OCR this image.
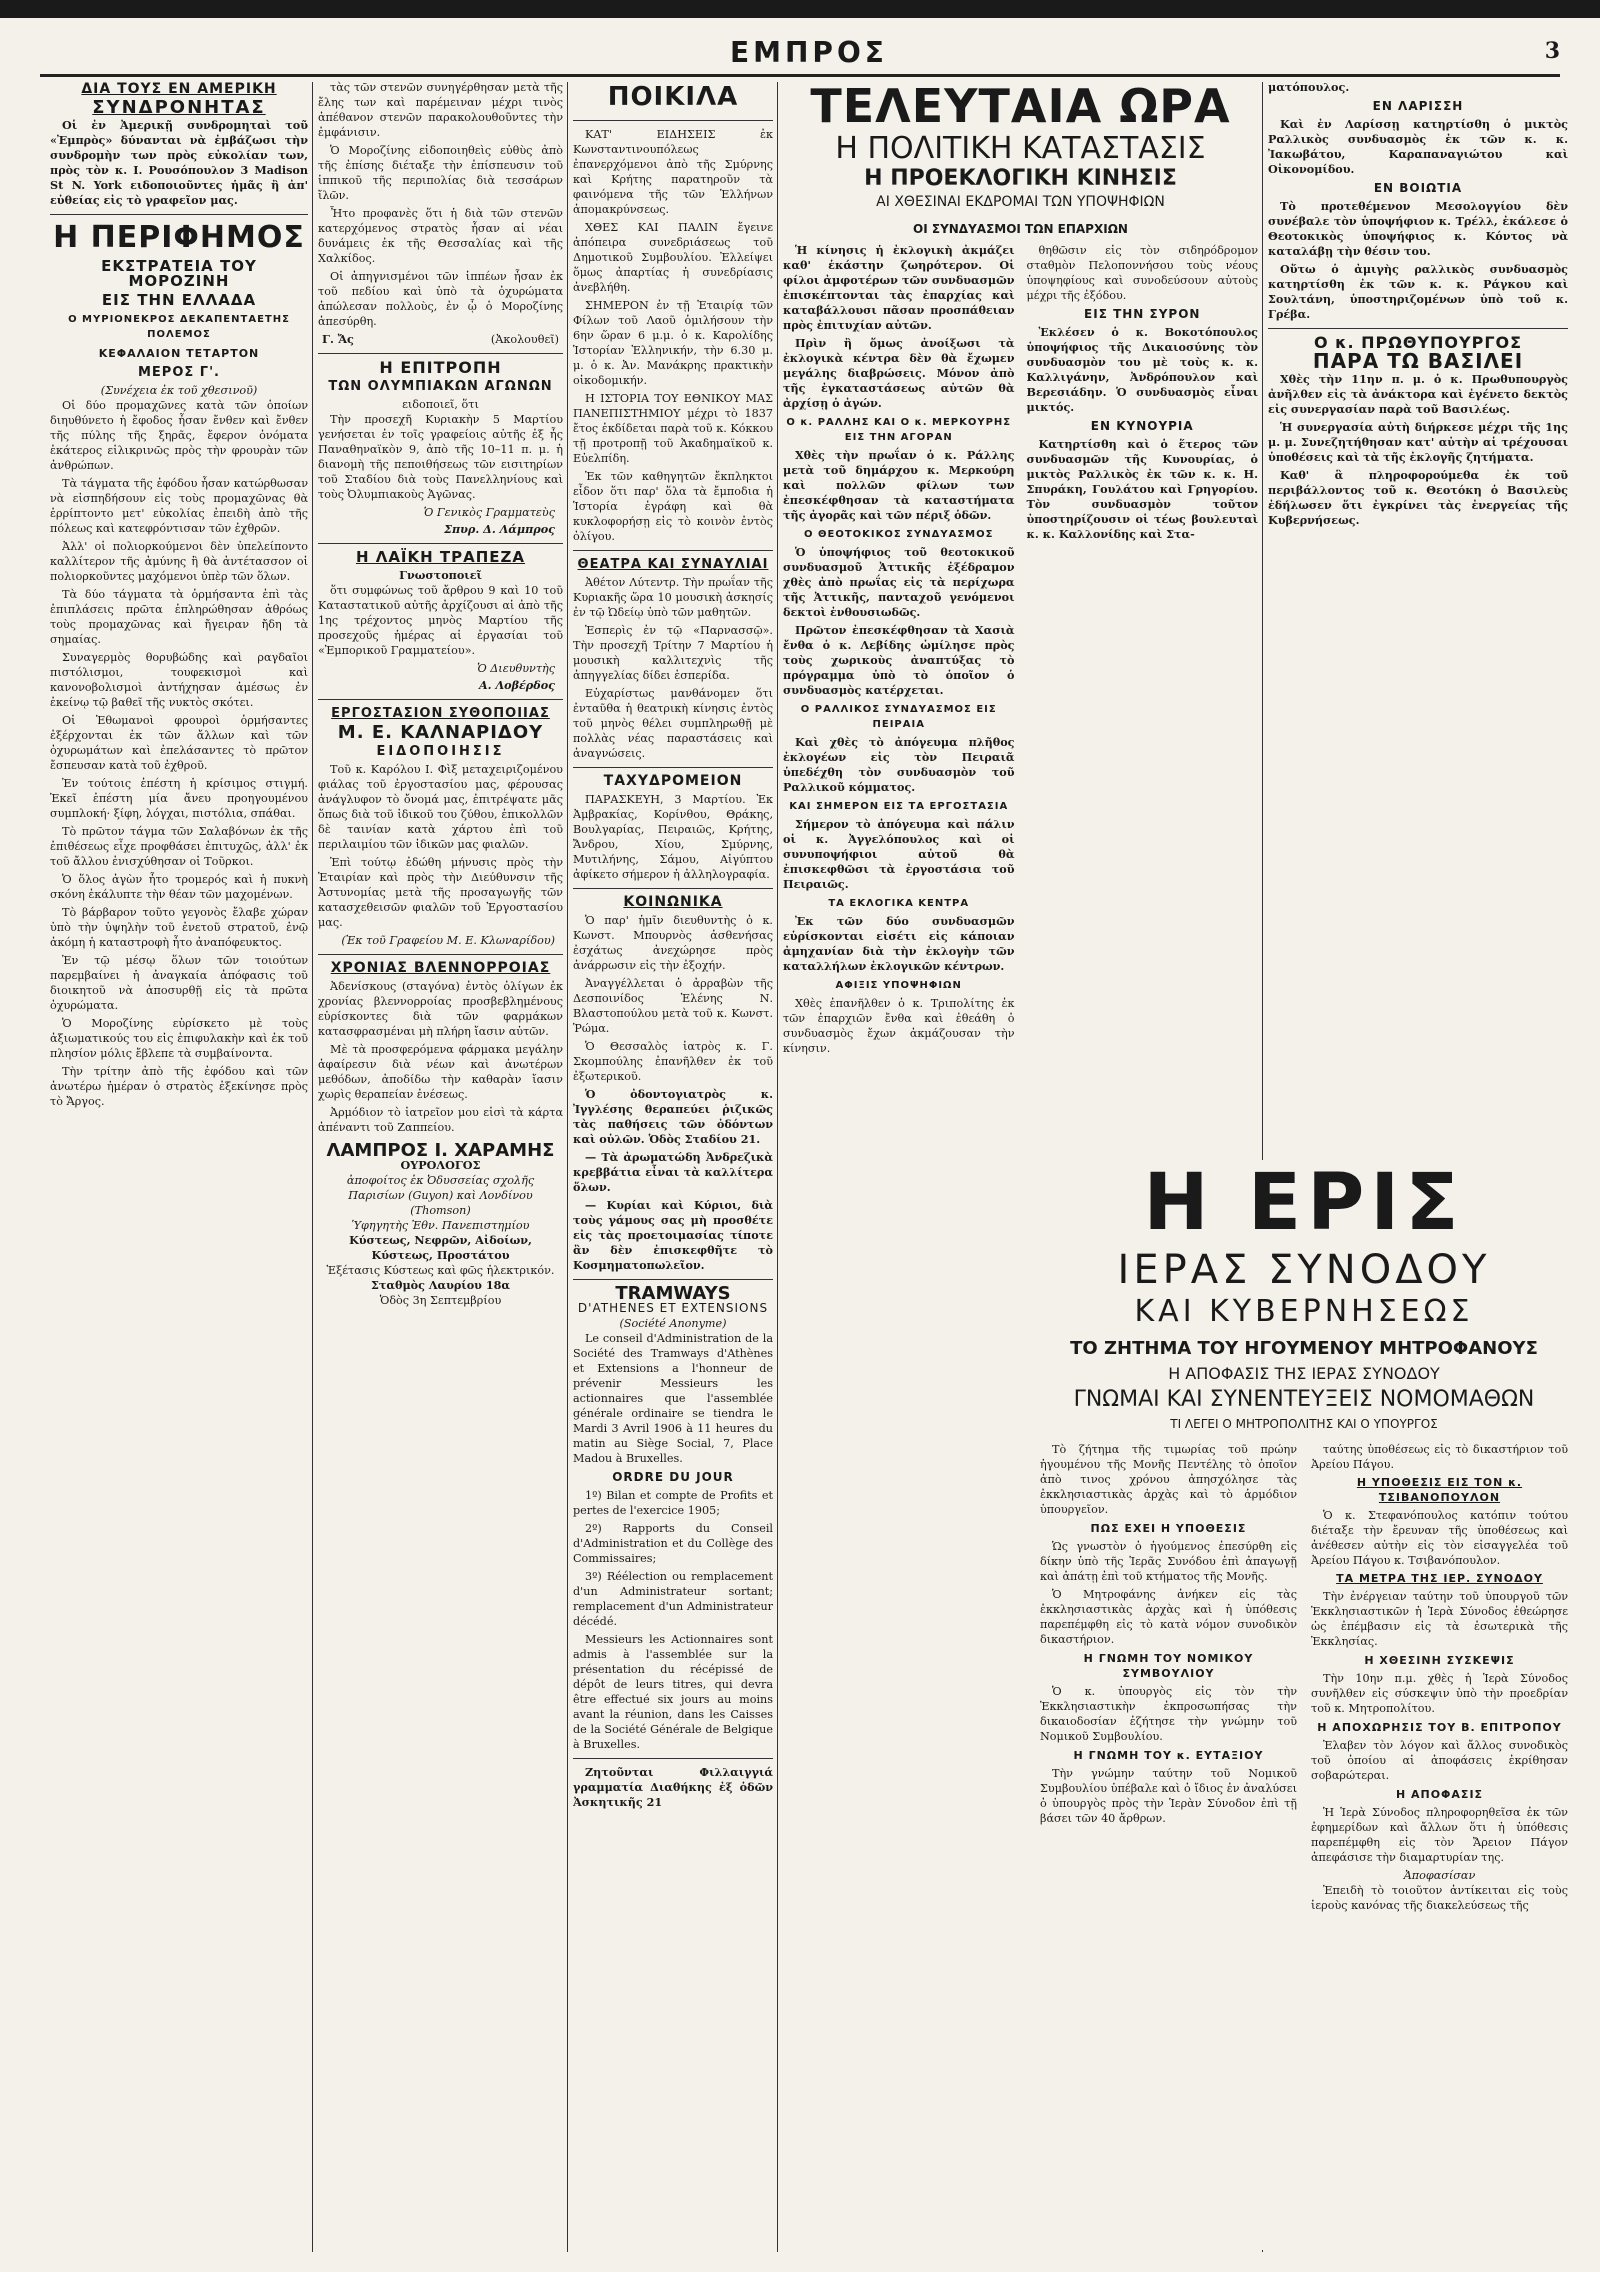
ΕΜΠΡΟΣ	3
ΔΙΑ ΤΟΥΣ ΕΝ ΑΜΕΡΙΚΗ
ΣΥΝΔΡΟΝΗΤΑΣ

Οἱ ἐν Ἀμερικῇ συνδρομηταὶ τοῦ «Ἐμπρὸς» δύνανται νὰ ἐμβάζωσι τὴν συνδρομὴν των πρὸς εὐκολίαν των, πρὸς τὸν κ. Ι. Ρουσόπουλον 3 Madison St N. York ειδοποιοῦντες ἡμᾶς ἢ ἀπ' εὐθείας εἰς τὸ γραφεῖον μας.

Η ΠΕΡΙΦΗΜΟΣ
ΕΚΣΤΡΑΤΕΙΑ ΤΟΥ ΜΟΡΟΖΙΝΗ
ΕΙΣ ΤΗΝ ΕΛΛΑΔΑ
Ο ΜΥΡΙΟΝΕΚΡΟΣ ΔΕΚΑΠΕΝΤΑΕΤΗΣ ΠΟΛΕΜΟΣ
ΚΕΦΑΛΑΙΟΝ ΤΕΤΑΡΤΟΝ
ΜΕΡΟΣ Γ'.
(Συνέχεια ἐκ τοῦ χθεσινοῦ)

Οἱ δύο προμαχῶνες κατὰ τῶν ὁποίων διηυθύνετο ἡ ἔφοδος ἦσαν ἔνθεν καὶ ἔνθεν τῆς πύλης τῆς ξηρᾶς, ἔφερον ὀνόματα ἑκάτερος εἰλικρινῶς πρὸς τὴν φρουρὰν τῶν ἀνθρώπων.

Τὰ τάγματα τῆς ἐφόδου ἦσαν κατώρθωσαν νὰ εἰσπηδήσουν εἰς τοὺς προμαχῶνας θὰ ἐρρίπτοντο μετ' εὐκολίας ἐπειδὴ ἀπὸ τῆς πόλεως καὶ κατεφρόντισαν τῶν ἐχθρῶν.

Ἀλλ' οἱ πολιορκούμενοι δὲν ὑπελείποντο καλλίτερον τῆς ἀμύνης ἢ θὰ ἀντέτασσον οἱ πολιορκοῦντες μαχόμενοι ὑπὲρ τῶν ὅλων.

Τὰ δύο τάγματα τὰ ὁρμήσαντα ἐπὶ τὰς ἐπιπλάσεις πρῶτα ἐπληρώθησαν ἀθρόως τοὺς προμαχῶνας καὶ ἤγειραν ἤδη τὰ σημαίας.

Συναγερμὸς θορυβώδης καὶ ραγδαῖοι πιστόλισμοι, τουφεκισμοὶ καὶ κανονοβολισμοὶ ἀντήχησαν ἀμέσως ἐν ἐκείνῳ τῷ βαθεῖ τῆς νυκτὸς σκότει.

Οἱ Ἑθωμανοὶ φρουροὶ ὁρμήσαντες ἐξέρχονται ἐκ τῶν ἄλλων καὶ τῶν ὀχυρωμάτων καὶ ἐπελάσαντες τὸ πρῶτον ἔσπευσαν κατὰ τοῦ ἐχθροῦ.

Ἐν τούτοις ἐπέστη ἡ κρίσιμος στιγμή. Ἐκεῖ ἐπέστη μία ἄνευ προηγουμένου συμπλοκή· ξίφη, λόγχαι, πιστόλια, σπάθαι.

Τὸ πρῶτον τάγμα τῶν Σαλαβόνων ἐκ τῆς ἐπιθέσεως εἶχε προφθάσει ἐπιτυχῶς, ἀλλ' ἐκ τοῦ ἄλλου ἐνισχύθησαν οἱ Τοῦρκοι.

Ὁ ὅλος ἀγὼν ἦτο τρομερός καὶ ἡ πυκνὴ σκόνη ἐκάλυπτε τὴν θέαν τῶν μαχομένων.

Τὸ βάρβαρον τοῦτο γεγονὸς ἔλαβε χώραν ὑπὸ τὴν ὑψηλὴν τοῦ ἐνετοῦ στρατοῦ, ἐνῷ ἀκόμη ἡ καταστροφὴ ἦτο ἀναπόφευκτος.

Ἐν τῷ μέσῳ ὅλων τῶν τοιούτων παρεμβαίνει ἡ ἀναγκαία ἀπόφασις τοῦ διοικητοῦ νὰ ἀποσυρθῇ εἰς τὰ πρῶτα ὀχυρώματα.

Ὁ Μοροζίνης εὑρίσκετο μὲ τοὺς ἀξιωματικούς του εἰς ἐπιφυλακὴν καὶ ἐκ τοῦ πλησίον μόλις ἔβλεπε τὰ συμβαίνοντα.

Τὴν τρίτην ἀπὸ τῆς ἐφόδου καὶ τῶν ἀνωτέρω ἡμέραν ὁ στρατὸς ἐξεκίνησε πρὸς τὸ Ἄργος.

τὰς τῶν στενῶν συνηγέρθησαν μετὰ τῆς ἔλης των καὶ παρέμειναν μέχρι τινὸς ἀπέθανον στενῶν παρακολουθοῦντες τὴν ἐμφάνισιν.

Ὁ Μοροζίνης εἰδοποιηθεὶς εὐθὺς ἀπὸ τῆς ἐπίσης διέταξε τὴν ἐπίσπευσιν τοῦ ἱππικοῦ τῆς περιπολίας διὰ τεσσάρων ἴλῶν.

Ἦτο προφανὲς ὅτι ἡ διὰ τῶν στενῶν κατερχόμενος στρατὸς ἦσαν αἱ νέαι δυνάμεις ἐκ τῆς Θεσσαλίας καὶ τῆς Χαλκίδος.

Οἱ ἀπηγνισμένοι τῶν ἱππέων ἦσαν ἐκ τοῦ πεδίου καὶ ὑπὸ τὰ ὀχυρώματα ἀπώλεσαν πολλοὺς, ἐν ᾧ ὁ Μοροζίνης ἀπεσύρθη.

Γ. Ἄς	(Ἀκολουθεῖ)
Η ΕΠΙΤΡΟΠΗ
ΤΩΝ ΟΛΥΜΠΙΑΚΩΝ ΑΓΩΝΩΝ
ειδοποιεῖ, ὅτι

Τὴν προσεχῆ Κυριακὴν 5 Μαρτίου γενήσεται ἐν τοῖς γραφείοις αὐτῆς ἐξ ἧς Παναθηναϊκὸν 9, ἀπὸ τῆς 10–11 π. μ. ἡ διανομὴ τῆς πεποιθήσεως τῶν εισιτηρίων τοῦ Σταδίου διὰ τοὺς Πανελληνίους καὶ τοὺς Ὀλυμπιακοὺς Ἀγῶνας.

Ὁ Γενικὸς Γραμματεὺς
Σπυρ. Δ. Λάμπρος
Η ΛΑΪΚΗ ΤΡΑΠΕΖΑ
Γνωστοποιεῖ

ὅτι συμφώνως τοῦ ἄρθρου 9 καὶ 10 τοῦ Καταστατικοῦ αὐτῆς ἀρχίζουσι αἱ ἀπὸ τῆς 1ης τρέχοντος μηνὸς Μαρτίου τῆς προσεχοῦς ἡμέρας αἱ ἐργασίαι τοῦ «Ἐμπορικοῦ Γραμματείου».

Ὁ Διευθυντὴς
Α. Λοβέρδος
ΕΡΓΟΣΤΑΣΙΟΝ ΣΥΘΟΠΟΙΙΑΣ
Μ. Ε. ΚΑΛΝΑΡΙΔΟΥ
ΕΙΔΟΠΟΙΗΣΙΣ

Τοῦ κ. Καρόλου Ι. Φὶξ μεταχειριζομένου φιάλας τοῦ ἐργοστασίου μας, φέρουσας ἀνάγλυφον τὸ ὄνομά μας, ἐπιτρέψατε μᾶς ὅπως διὰ τοῦ ἰδικοῦ του ζύθου, ἐπικολλῶν δὲ ταινίαν κατὰ χάρτου ἐπὶ τοῦ περιλαιμίου τῶν ἰδικῶν μας φιαλῶν.

Ἐπὶ τούτῳ ἐδώθη μήνυσις πρὸς τὴν Ἑταιρίαν καὶ πρὸς τὴν Διεύθυνσιν τῆς Ἀστυνομίας μετὰ τῆς προσαγωγῆς τῶν κατασχεθεισῶν φιαλῶν τοῦ Ἐργοστασίου μας.

(Ἐκ τοῦ Γραφείου Μ. Ε. Κλωναρίδου)
ΧΡΟΝΙΑΣ ΒΛΕΝΝΟΡΡΟΙΑΣ

Ἀδενίσκους (σταγόνα) ἐντὸς ὀλίγων ἐκ χρονίας βλεννορροίας προσβεβλημένους εὑρίσκοντες διὰ τῶν φαρμάκων κατασφρασμέναι μὴ πλήρη ἴασιν αὐτῶν.

Μὲ τὰ προσφερόμενα φάρμακα μεγάλην ἀφαίρεσιν διὰ νέων καὶ ἀνωτέρων μεθόδων, ἀποδίδω τὴν καθαρὰν ἴασιν χωρὶς θεραπείαν ἐνέσεως.

Ἀρμόδιον τὸ ἰατρεῖον μου εἰσὶ τὰ κάρτα ἀπέναντι τοῦ Ζαππείου.

ΛΑΜΠΡΟΣ Ι. ΧΑΡΑΜΗΣ
ΟΥΡΟΛΟΓΟΣ
ἀποφοίτος ἐκ Ὀδυσσείας σχολῆς Παρισίων (Guyon) καὶ Λονδίνου (Thomson)
Ὑφηγητὴς Ἐθν. Πανεπιστημίου
Κύστεως, Νεφρῶν, Αἰδοίων, Κύστεως, Προστάτου
Ἐξέτασις Κύστεως καὶ φῶς ἠλεκτρικόν.
Σταθμὸς Λαυρίου 18α
Ὁδὸς 3η Σεπτεμβρίου
ΠΟΙΚΙΛΑ

ΚΑΤ' ΕΙΔΗΣΕΙΣ ἐκ Κωνσταντινουπόλεως ἐπανερχόμενοι ἀπὸ τῆς Σμύρνης καὶ Κρήτης παρατηροῦν τὰ φαινόμενα τῆς τῶν Ἑλλήνων ἀπομακρύνσεως.

ΧΘΕΣ ΚΑΙ ΠΑΛΙΝ ἔγεινε ἀπόπειρα συνεδριάσεως τοῦ Δημοτικοῦ Συμβουλίου. Ἐλλείψει ὅμως ἀπαρτίας ἡ συνεδρίασις ἀνεβλήθη.

ΣΗΜΕΡΟΝ ἐν τῇ Ἑταιρίᾳ τῶν Φίλων τοῦ Λαοῦ ὁμιλήσουν τὴν 6ην ὥραν 6 μ.μ. ὁ κ. Καρολίδης Ἱστορίαν Ἑλληνικήν, τὴν 6.30 μ. μ. ὁ κ. Ἀν. Μανάκρης πρακτικὴν οἰκοδομικήν.

Η ΙΣΤΟΡΙΑ ΤΟΥ ΕΘΝΙΚΟΥ ΜΑΣ ΠΑΝΕΠΙΣΤΗΜΙΟΥ μέχρι τὸ 1837 ἔτος ἐκδίδεται παρὰ τοῦ κ. Κόκκου τῇ προτροπῇ τοῦ Ἀκαδημαϊκοῦ κ. Εὐελπίδη.

Ἐκ τῶν καθηγητῶν ἔκπληκτοι εἶδον ὅτι παρ' ὅλα τὰ ἔμποδια ἡ Ἱστορία ἐγράφη καὶ θὰ κυκλοφορήσῃ εἰς τὸ κοινὸν ἐντὸς ὀλίγου.

ΘΕΑΤΡΑ ΚΑΙ ΣΥΝΑΥΛΙΑΙ

Ἀθέτον Λύτεντρ. Τὴν πρωΐαν τῆς Κυριακῆς ὥρα 10 μουσικὴ ἀσκησίς ἐν τῷ Ὠδείῳ ὑπὸ τῶν μαθητῶν.

Ἑσπερὶς ἐν τῷ «Παρνασσῷ». Τὴν προσεχῆ Τρίτην 7 Μαρτίου ἡ μουσικὴ καλλιτεχνὶς τῆς ἀπηγγελίας δίδει ἑσπερίδα.

Εὐχαρίστως μανθάνομεν ὅτι ἐνταῦθα ἡ θεατρικὴ κίνησις ἐντὸς τοῦ μηνὸς θέλει συμπληρωθῇ μὲ πολλὰς νέας παραστάσεις καὶ ἀναγνώσεις.

ΤΑΧΥΔΡΟΜΕΙΟΝ

ΠΑΡΑΣΚΕΥΗ, 3 Μαρτίου. Ἐκ Ἀμβρακίας, Κορίνθου, Θράκης, Βουλγαρίας, Πειραιῶς, Κρήτης, Ἄνδρου, Χίου, Σμύρνης, Μυτιλήνης, Σάμου, Αἰγύπτου ἀφίκετο σήμερον ἡ ἀλληλογραφία.

ΚΟΙΝΩΝΙΚΑ

Ὁ παρ' ἡμῖν διευθυντὴς ὁ κ. Κωνστ. Μπουρνὸς ἀσθενήσας ἐσχάτως ἀνεχώρησε πρὸς ἀνάρρωσιν εἰς τὴν ἐξοχήν.

Ἀναγγέλλεται ὁ ἀρραβὼν τῆς Δεσποινίδος Ἑλένης Ν. Βλαστοπούλου μετὰ τοῦ κ. Κωνστ. Ῥώμα.

Ὁ Θεσσαλὸς ἰατρὸς κ. Γ. Σκομπούλης ἐπανῆλθεν ἐκ τοῦ ἐξωτερικοῦ.

Ὁ ὀδοντογιατρὸς κ. Ἰγγλέσης θεραπεύει ῥιζικῶς τὰς παθήσεις τῶν ὀδόντων καὶ οὐλῶν. Ὁδὸς Σταδίου 21.

— Τὰ ἀρωματώδη Ἀνδρεζικὰ κρεββάτια εἶναι τὰ καλλίτερα ὅλων.

— Κυρίαι καὶ Κύριοι, διὰ τοὺς γάμους σας μὴ προσθέτε εἰς τὰς προετοιμασίας τίποτε ἂν δὲν ἐπισκεφθῆτε τὸ Κοσμηματοπωλεῖον.

TRAMWAYS
D'ATHENES ET EXTENSIONS
(Société Anonyme)

Le conseil d'Administration de la Société des Tramways d'Athènes et Extensions a l'honneur de prévenir Messieurs les actionnaires que l'assemblée générale ordinaire se tiendra le Mardi 3 Avril 1906 à 11 heures du matin au Siège Social, 7, Place Madou à Bruxelles.

ORDRE DU JOUR

1º) Bilan et compte de Profits et pertes de l'exercice 1905;

2º) Rapports du Conseil d'Administration et du Collège des Commissaires;

3º) Réélection ou remplacement d'un Administrateur sortant; remplacement d'un Administrateur décédé.

Messieurs les Actionnaires sont admis à l'assemblée sur la présentation du récépissé de dépôt de leurs titres, qui devra être effectué six jours au moins avant la réunion, dans les Caisses de la Société Générale de Belgique à Bruxelles.

Ζητοῦνται Φιλλαιγγιά γραμματία Διαθήκης ἐξ ὁδῶν Ἀσκητικῆς 21

ΤΕΛΕΥΤΑΙΑ ΩΡΑ
Η ΠΟΛΙΤΙΚΗ ΚΑΤΑΣΤΑΣΙΣ
Η ΠΡΟΕΚΛΟΓΙΚΗ ΚΙΝΗΣΙΣ
ΑΙ ΧΘΕΣΙΝΑΙ ΕΚΔΡΟΜΑΙ ΤΩΝ ΥΠΟΨΗΦΙΩΝ
ΟΙ ΣΥΝΔΥΑΣΜΟΙ ΤΩΝ ΕΠΑΡΧΙΩΝ

Ἡ κίνησις ἡ ἐκλογικὴ ἀκμάζει καθ' ἑκάστην ζωηρότερον. Οἱ φίλοι ἀμφοτέρων τῶν συνδυασμῶν ἐπισκέπτονται τὰς ἐπαρχίας καὶ καταβάλλουσι πᾶσαν προσπάθειαν πρὸς ἐπιτυχίαν αὐτῶν.

Πρὶν ἢ ὅμως ἀνοίξωσι τὰ ἐκλογικὰ κέντρα δὲν θὰ ἔχωμεν μεγάλης διαβρώσεις. Μόνον ἀπὸ τῆς ἐγκαταστάσεως αὐτῶν θὰ ἀρχίσῃ ὁ ἀγών.

Ο κ. ΡΑΛΛΗΣ ΚΑΙ Ο κ. ΜΕΡΚΟΥΡΗΣ ΕΙΣ ΤΗΝ ΑΓΟΡΑΝ

Χθὲς τὴν πρωΐαν ὁ κ. Ράλλης μετὰ τοῦ δημάρχου κ. Μερκούρη καὶ πολλῶν φίλων των ἐπεσκέφθησαν τὰ καταστήματα τῆς ἀγορᾶς καὶ τῶν πέριξ ὁδῶν.

Ο ΘΕΟΤΟΚΙΚΟΣ ΣΥΝΔΥΑΣΜΟΣ

Ὁ ὑποψήφιος τοῦ θεοτοκικοῦ συνδυασμοῦ Ἀττικῆς ἐξέδραμον χθὲς ἀπὸ πρωΐας εἰς τὰ περίχωρα τῆς Ἀττικῆς, πανταχοῦ γενόμενοι δεκτοὶ ἐνθουσιωδῶς.

Πρῶτον ἐπεσκέφθησαν τὰ Χασιὰ ἔνθα ὁ κ. Λεβίδης ὡμίλησε πρὸς τοὺς χωρικοὺς ἀναπτύξας τὸ πρόγραμμα ὑπὸ τὸ ὁποῖον ὁ συνδυασμὸς κατέρχεται.

Ο ΡΑΛΛΙΚΟΣ ΣΥΝΔΥΑΣΜΟΣ ΕΙΣ ΠΕΙΡΑΙΑ

Καὶ χθὲς τὸ ἀπόγευμα πλῆθος ἐκλογέων εἰς τὸν Πειραιᾶ ὑπεδέχθη τὸν συνδυασμὸν τοῦ Ραλλικοῦ κόμματος.

ΚΑΙ ΣΗΜΕΡΟΝ ΕΙΣ ΤΑ ΕΡΓΟΣΤΑΣΙΑ

Σήμερον τὸ ἀπόγευμα καὶ πάλιν οἱ κ. Ἀγγελόπουλος καὶ οἱ συνυποψήφιοι αὐτοῦ θὰ ἐπισκεφθῶσι τὰ ἐργοστάσια τοῦ Πειραιῶς.

ΤΑ ΕΚΛΟΓΙΚΑ ΚΕΝΤΡΑ

Ἐκ τῶν δύο συνδυασμῶν εὑρίσκονται εἰσέτι εἰς κάποιαν ἀμηχανίαν διὰ τὴν ἐκλογὴν τῶν καταλλήλων ἐκλογικῶν κέντρων.

ΑΦΙΞΙΣ ΥΠΟΨΗΦΙΩΝ

Χθὲς ἐπανῆλθεν ὁ κ. Τριπολίτης ἐκ τῶν ἐπαρχιῶν ἔνθα καὶ ἐθεάθη ὁ συνδυασμὸς ἔχων ἀκμάζουσαν τὴν κίνησιν.

θηθῶσιν εἰς τὸν σιδηρόδρομον σταθμὸν Πελοποννήσου τοὺς νέους ὑποψηφίους καὶ συνοδεύσουν αὐτοὺς μέχρι τῆς ἐξόδου.

ΕΙΣ ΤΗΝ ΣΥΡΟΝ

Ἐκλέσεν ὁ κ. Βοκοτόπουλος ὑποψήφιος τῆς Δικαιοσύνης τὸν συνδυασμὸν του μὲ τοὺς κ. κ. Καλλιγάνην, Ἀνδρόπουλον καὶ Βερεσιάδην. Ὁ συνδυασμὸς εἶναι μικτός.

ΕΝ ΚΥΝΟΥΡΙΑ

Κατηρτίσθη καὶ ὁ ἕτερος τῶν συνδυασμῶν τῆς Κυνουρίας, ὁ μικτὸς Ραλλικὸς ἐκ τῶν κ. κ. Η. Σπυράκη, Γουλάτου καὶ Γρηγορίου. Τὸν συνδυασμὸν τοῦτον ὑποστηρίζουσιν οἱ τέως βουλευταὶ κ. κ. Καλλονίδης καὶ Στα-

ματόπουλος.

ΕΝ ΛΑΡΙΣΣΗ

Καὶ ἐν Λαρίσσῃ κατηρτίσθη ὁ μικτὸς Ραλλικὸς συνδυασμὸς ἐκ τῶν κ. κ. Ἰακωβάτου, Καραπαναγιώτου καὶ Οἰκονομίδου.

ΕΝ ΒΟΙΩΤΙΑ

Τὸ προτεθέμενον Μεσολογγίου δὲν συνέβαλε τὸν ὑποψήφιον κ. Τρέλλ, ἐκάλεσε ὁ Θεοτοκικὸς ὑποψήφιος κ. Κόντος νὰ καταλάβῃ τὴν θέσιν του.

Οὕτω ὁ ἀμιγὴς ραλλικὸς συνδυασμὸς κατηρτίσθη ἐκ τῶν κ. κ. Ράγκου καὶ Σουλτάνη, ὑποστηριζομένων ὑπὸ τοῦ κ. Γρέβα.

Ο κ. ΠΡΩΘΥΠΟΥΡΓΟΣ
ΠΑΡΑ ΤΩ ΒΑΣΙΛΕΙ

Χθὲς τὴν 11ην π. μ. ὁ κ. Πρωθυπουργὸς ἀνῆλθεν εἰς τὰ ἀνάκτορα καὶ ἐγένετο δεκτὸς εἰς συνεργασίαν παρὰ τοῦ Βασιλέως.

Ἡ συνεργασία αὐτὴ διήρκεσε μέχρι τῆς 1ης μ. μ. Συνεζητήθησαν κατ' αὐτὴν αἱ τρέχουσαι ὑποθέσεις καὶ τὰ τῆς ἐκλογῆς ζητήματα.

Καθ' ἃ πληροφορούμεθα ἐκ τοῦ περιβάλλοντος τοῦ κ. Θεοτόκη ὁ Βασιλεὺς ἐδήλωσεν ὅτι ἐγκρίνει τὰς ἐνεργείας τῆς Κυβερνήσεως.

Η ΕΡΙΣ
ΙΕΡΑΣ ΣΥΝΟΔΟΥ
ΚΑΙ ΚΥΒΕΡΝΗΣΕΩΣ
ΤΟ ΖΗΤΗΜΑ ΤΟΥ ΗΓΟΥΜΕΝΟΥ ΜΗΤΡΟΦΑΝΟΥΣ
Η ΑΠΟΦΑΣΙΣ ΤΗΣ ΙΕΡΑΣ ΣΥΝΟΔΟΥ
ΓΝΩΜΑΙ ΚΑΙ ΣΥΝΕΝΤΕΥΞΕΙΣ ΝΟΜΟΜΑΘΩΝ
ΤΙ ΛΕΓΕΙ Ο ΜΗΤΡΟΠΟΛΙΤΗΣ ΚΑΙ Ο ΥΠΟΥΡΓΟΣ

Τὸ ζήτημα τῆς τιμωρίας τοῦ πρώην ἡγουμένου τῆς Μονῆς Πεντέλης τὸ ὁποῖον ἀπὸ τινος χρόνου ἀπησχόλησε τὰς ἐκκλησιαστικὰς ἀρχὰς καὶ τὸ ἁρμόδιον ὑπουργεῖον.

ΠΩΣ ΕΧΕΙ Η ΥΠΟΘΕΣΙΣ

Ὡς γνωστὸν ὁ ἡγούμενος ἐπεσύρθη εἰς δίκην ὑπὸ τῆς Ἱερᾶς Συνόδου ἐπὶ ἀπαγωγῇ καὶ ἀπάτῃ ἐπὶ τοῦ κτήματος τῆς Μονῆς.

Ὁ Μητροφάνης ἀνήκεν εἰς τὰς ἐκκλησιαστικὰς ἀρχὰς καὶ ἡ ὑπόθεσις παρεπέμφθη εἰς τὸ κατὰ νόμον συνοδικὸν δικαστήριον.

Η ΓΝΩΜΗ ΤΟΥ ΝΟΜΙΚΟΥ ΣΥΜΒΟΥΛΙΟΥ

Ὁ κ. ὑπουργὸς εἰς τὸν τὴν Ἐκκλησιαστικὴν ἐκπροσωπήσας τὴν δικαιοδοσίαν ἐζήτησε τὴν γνώμην τοῦ Νομικοῦ Συμβουλίου.

Η ΓΝΩΜΗ ΤΟΥ κ. ΕΥΤΑΞΙΟΥ

Τὴν γνώμην ταύτην τοῦ Νομικοῦ Συμβουλίου ὑπέβαλε καὶ ὁ ἴδιος ἐν ἀναλύσει ὁ ὑπουργὸς πρὸς τὴν Ἱερὰν Σύνοδον ἐπὶ τῇ βάσει τῶν 40 ἄρθρων.

ταύτης ὑποθέσεως εἰς τὸ δικαστήριον τοῦ Ἀρείου Πάγου.

Η ΥΠΟΘΕΣΙΣ ΕΙΣ ΤΟΝ κ. ΤΣΙΒΑΝΟΠΟΥΛΟΝ

Ὁ κ. Στεφανόπουλος κατόπιν τούτου διέταξε τὴν ἔρευναν τῆς ὑποθέσεως καὶ ἀνέθεσεν αὐτὴν εἰς τὸν εἰσαγγελέα τοῦ Ἀρείου Πάγου κ. Τσιβανόπουλον.

ΤΑ ΜΕΤΡΑ ΤΗΣ ΙΕΡ. ΣΥΝΟΔΟΥ

Τὴν ἐνέργειαν ταύτην τοῦ ὑπουργοῦ τῶν Ἐκκλησιαστικῶν ἡ Ἱερὰ Σύνοδος ἐθεώρησε ὡς ἐπέμβασιν εἰς τὰ ἐσωτερικὰ τῆς Ἐκκλησίας.

Η ΧΘΕΣΙΝΗ ΣΥΣΚΕΨΙΣ

Τὴν 10ην π.μ. χθὲς ἡ Ἱερὰ Σύνοδος συνῆλθεν εἰς σύσκεψιν ὑπὸ τὴν προεδρίαν τοῦ κ. Μητροπολίτου.

Η ΑΠΟΧΩΡΗΣΙΣ ΤΟΥ Β. ΕΠΙΤΡΟΠΟΥ

Ἐλαβεν τὸν λόγον καὶ ἄλλος συνοδικὸς τοῦ ὁποίου αἱ ἀποφάσεις ἐκρίθησαν σοβαρώτεραι.

Η ΑΠΟΦΑΣΙΣ

Ἡ Ἱερὰ Σύνοδος πληροφορηθεῖσα ἐκ τῶν ἐφημερίδων καὶ ἄλλων ὅτι ἡ ὑπόθεσις παρεπέμφθη εἰς τὸν Ἄρειον Πάγον ἀπεφάσισε τὴν διαμαρτυρίαν της.

Ἀποφασίσαν

Ἐπειδὴ τὸ τοιοῦτον ἀντίκειται εἰς τοὺς ἱεροὺς κανόνας τῆς διακελεύσεως τῆς
